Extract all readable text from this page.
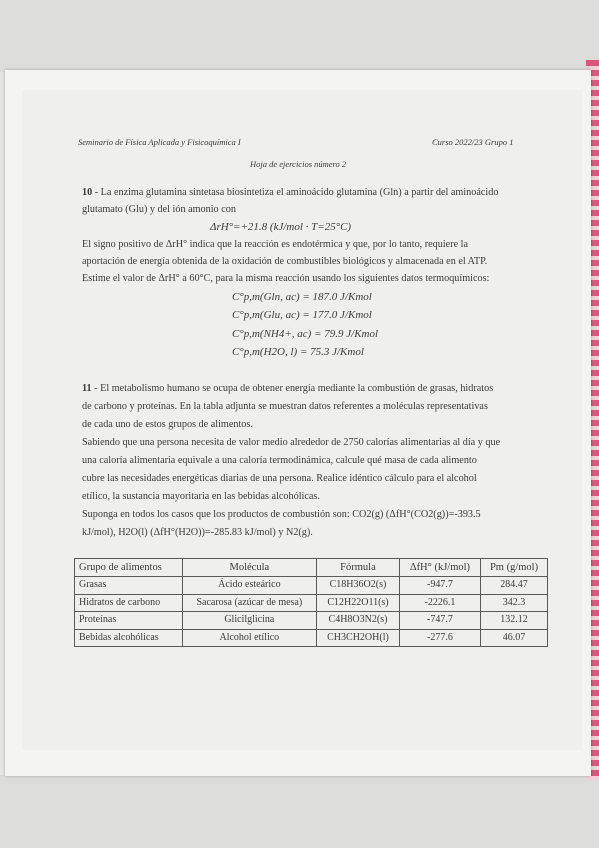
Seminario de Física Aplicada y Fisicoquímica I	Curso 2022/23 Grupo 1
Hoja de ejercicios número 2
10 - La enzima glutamina sintetasa biosintetiza el aminoácido glutamina (Gln) a partir del aminoácido
glutamato (Glu) y del ión amonio con
ΔrH°=+21.8 (kJ/mol · T=25°C)
El signo positivo de ΔrH° indica que la reacción es endotérmica y que, por lo tanto, requiere la
aportación de energía obtenida de la oxidación de combustibles biológicos y almacenada en el ATP.
Estime el valor de ΔrH° a 60°C, para la misma reacción usando los siguientes datos termoquímicos:
C°p,m(Gln, ac) = 187.0 J/Kmol
C°p,m(Glu, ac) = 177.0 J/Kmol
C°p,m(NH4+, ac) = 79.9 J/Kmol
C°p,m(H2O, l) = 75.3 J/Kmol
11 - El metabolismo humano se ocupa de obtener energía mediante la combustión de grasas, hidratos
de carbono y proteínas. En la tabla adjunta se muestran datos referentes a moléculas representativas
de cada uno de estos grupos de alimentos.
Sabiendo que una persona necesita de valor medio alrededor de 2750 calorías alimentarias al día y que
una caloría alimentaria equivale a una caloría termodinámica, calcule qué masa de cada alimento
cubre las necesidades energéticas diarias de una persona. Realice idéntico cálculo para el alcohol
etílico, la sustancia mayoritaria en las bebidas alcohólicas.
Suponga en todos los casos que los productos de combustión son: CO2(g) (ΔfH°(CO2(g))=-393.5
kJ/mol), H2O(l) (ΔfH°(H2O))=-285.83 kJ/mol) y N2(g).
Grupo de alimentos	Molécula	Fórmula	ΔfH° (kJ/mol)	Pm (g/mol)
Grasas	Ácido esteárico	C18H36O2(s)	-947.7	284.47
Hidratos de carbono	Sacarosa (azúcar de mesa)	C12H22O11(s)	-2226.1	342.3
Proteínas	Glicilglicina	C4H8O3N2(s)	-747.7	132.12
Bebidas alcohólicas	Alcohol etílico	CH3CH2OH(l)	-277.6	46.07
